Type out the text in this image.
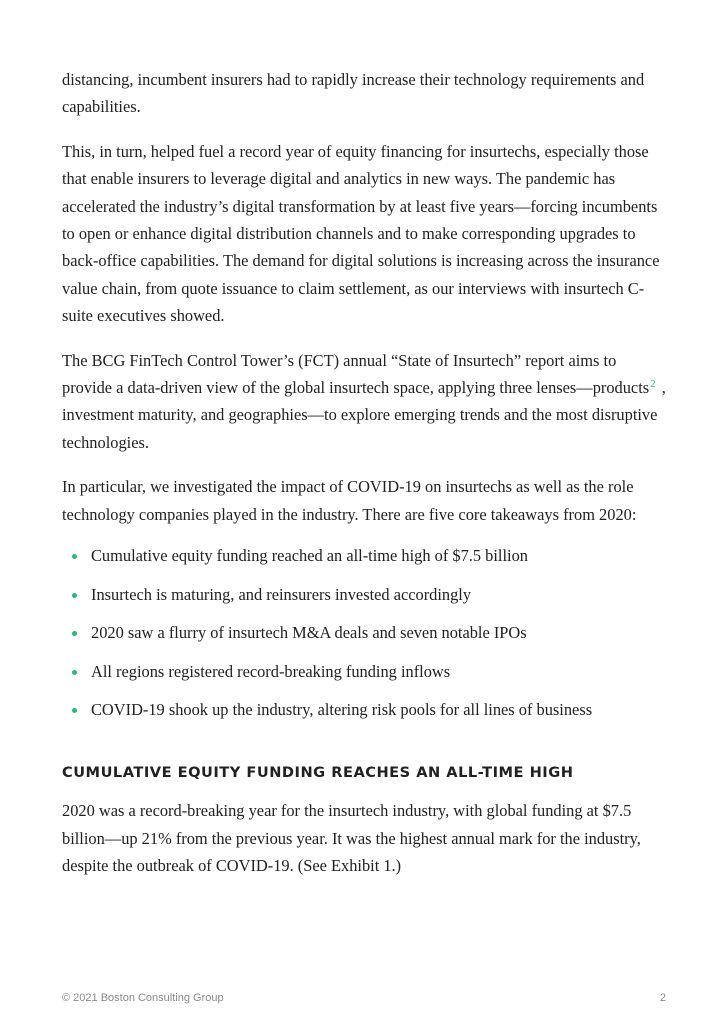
distancing, incumbent insurers had to rapidly increase their technology requirements and capabilities.

This, in turn, helped fuel a record year of equity financing for insurtechs, especially those that enable insurers to leverage digital and analytics in new ways. The pandemic has accelerated the industry’s digital transformation by at least five years—forcing incumbents to open or enhance digital distribution channels and to make corresponding upgrades to back-office capabilities. The demand for digital solutions is increasing across the insurance value chain, from quote issuance to claim settlement, as our interviews with insurtech C-suite executives showed.

The BCG FinTech Control Tower’s (FCT) annual “State of Insurtech” report aims to provide a data-driven view of the global insurtech space, applying three lenses—products$^2$ , investment maturity, and geographies—to explore emerging trends and the most disruptive technologies.

In particular, we investigated the impact of COVID-19 on insurtechs as well as the role technology companies played in the industry. There are five core takeaways from 2020:

Cumulative equity funding reached an all-time high of $7.5 billion
Insurtech is maturing, and reinsurers invested accordingly
2020 saw a flurry of insurtech M&A deals and seven notable IPOs
All regions registered record-breaking funding inflows
COVID-19 shook up the industry, altering risk pools for all lines of business
CUMULATIVE EQUITY FUNDING REACHES AN ALL-TIME HIGH

2020 was a record-breaking year for the insurtech industry, with global funding at $7.5 billion—up 21% from the previous year. It was the highest annual mark for the industry, despite the outbreak of COVID-19. (See Exhibit 1.)

© 2021 Boston Consulting Group	2
